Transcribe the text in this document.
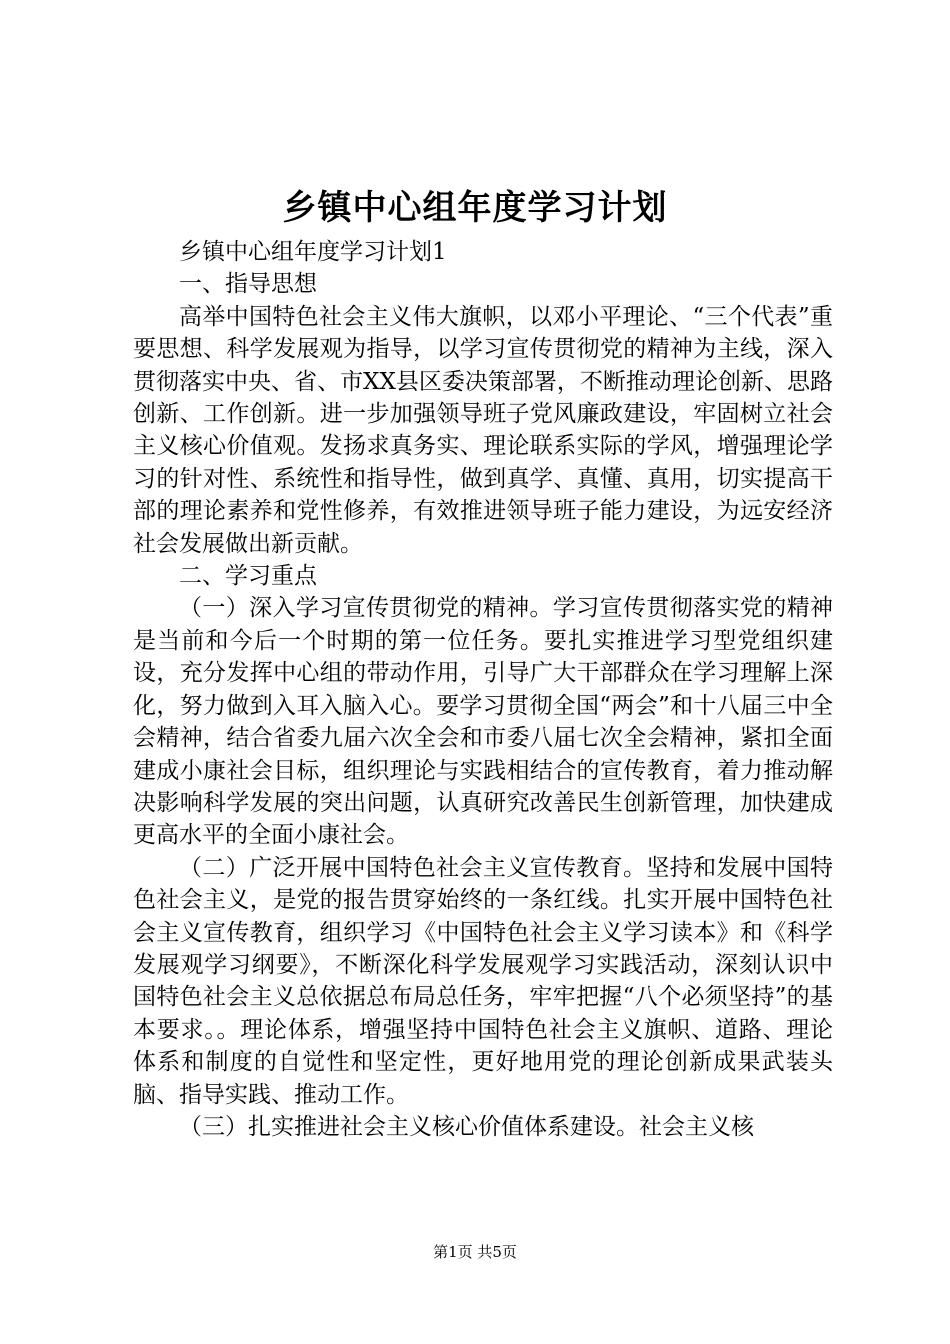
乡镇中心组年度学习计划

乡镇中心组年度学习计划1

一、指导思想

高举中国特色社会主义伟大旗帜，以邓小平理论、“三个代表”重要思想、科学发展观为指导，以学习宣传贯彻党的精神为主线，深入贯彻落实中央、省、市XX县区委决策部署，不断推动理论创新、思路创新、工作创新。进一步加强领导班子党风廉政建设，牢固树立社会主义核心价值观。发扬求真务实、理论联系实际的学风，增强理论学习的针对性、系统性和指导性，做到真学、真懂、真用，切实提高干部的理论素养和党性修养，有效推进领导班子能力建设，为远安经济社会发展做出新贡献。

二、学习重点

（一）深入学习宣传贯彻党的精神。学习宣传贯彻落实党的精神是当前和今后一个时期的第一位任务。要扎实推进学习型党组织建设，充分发挥中心组的带动作用，引导广大干部群众在学习理解上深化，努力做到入耳入脑入心。要学习贯彻全国“两会”和十八届三中全会精神，结合省委九届六次全会和市委八届七次全会精神，紧扣全面建成小康社会目标，组织理论与实践相结合的宣传教育，着力推动解决影响科学发展的突出问题，认真研究改善民生创新管理，加快建成更高水平的全面小康社会。

（二）广泛开展中国特色社会主义宣传教育。坚持和发展中国特色社会主义，是党的报告贯穿始终的一条红线。扎实开展中国特色社会主义宣传教育，组织学习《中国特色社会主义学习读本》和《科学发展观学习纲要》，不断深化科学发展观学习实践活动，深刻认识中国特色社会主义总依据总布局总任务，牢牢把握“八个必须坚持”的基本要求。。理论体系，增强坚持中国特色社会主义旗帜、道路、理论体系和制度的自觉性和坚定性，更好地用党的理论创新成果武装头脑、指导实践、推动工作。

（三）扎实推进社会主义核心价值体系建设。社会主义核

第1页 共5页
